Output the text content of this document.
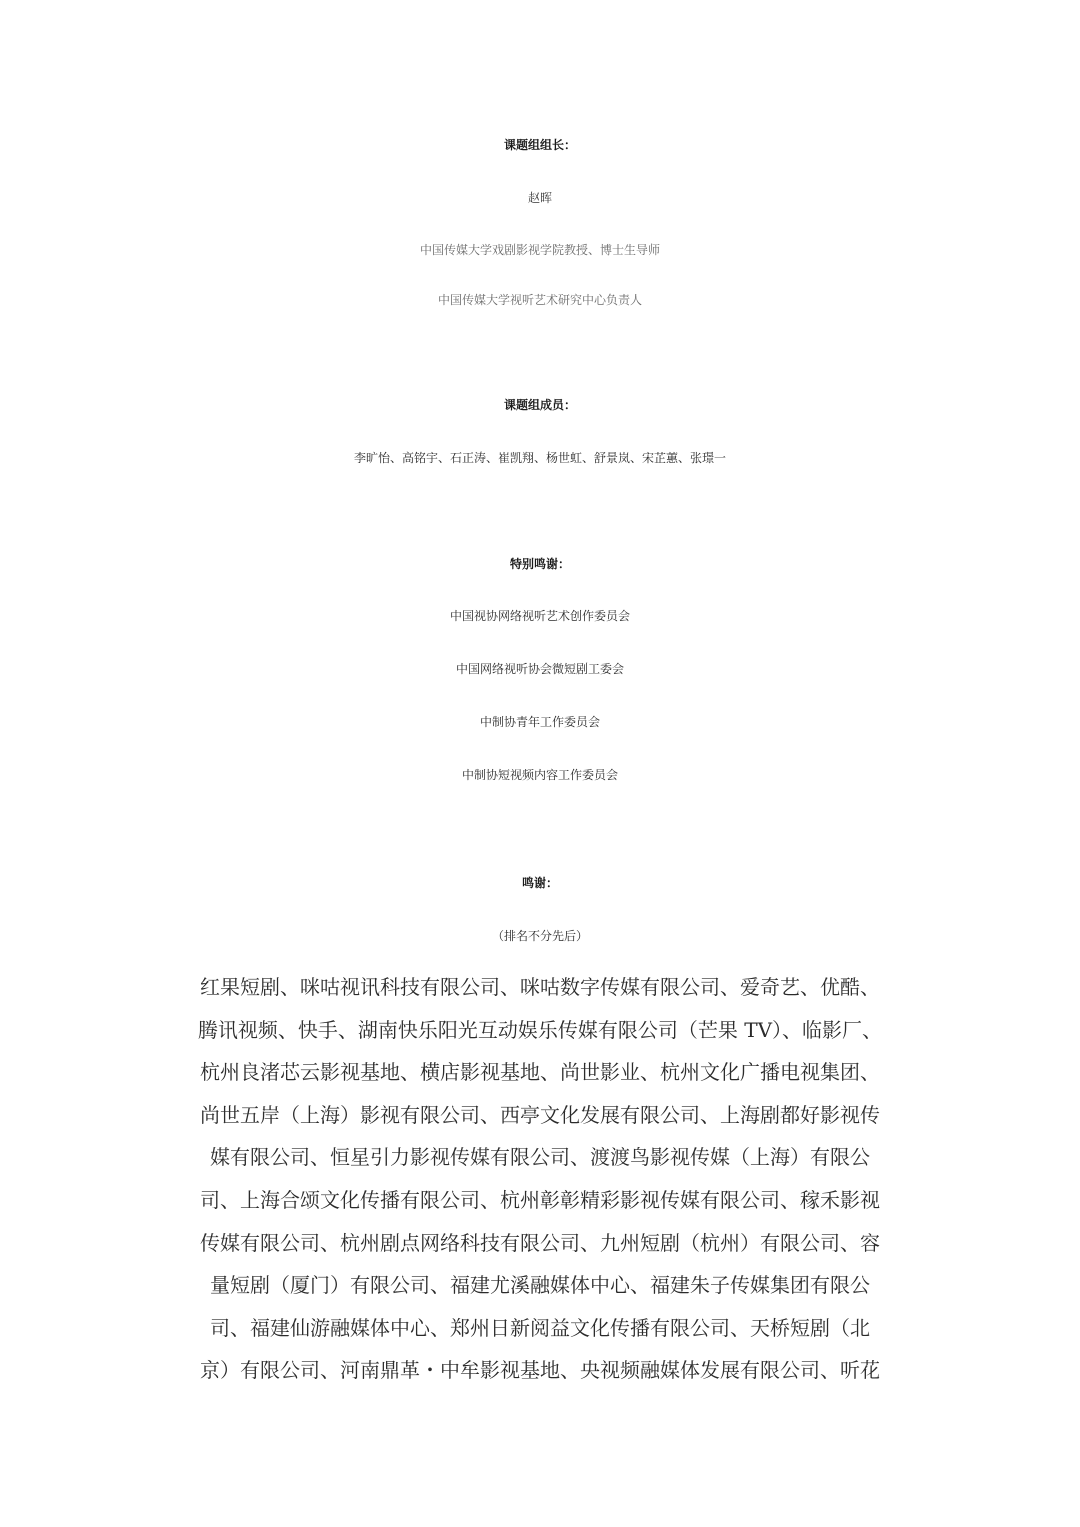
课题组组长：
赵晖
中国传媒大学戏剧影视学院教授、博士生导师
中国传媒大学视听艺术研究中心负责人
课题组成员：
李旷怡、高铭宇、石正涛、崔凯翔、杨世虹、舒景岚、宋芷蕙、张璟一
特别鸣谢：
中国视协网络视听艺术创作委员会
中国网络视听协会微短剧工委会
中制协青年工作委员会
中制协短视频内容工作委员会
鸣谢：
（排名不分先后）
红果短剧、咪咕视讯科技有限公司、咪咕数字传媒有限公司、爱奇艺、优酷、
腾讯视频、快手、湖南快乐阳光互动娱乐传媒有限公司（芒果 TV）、临影厂、
杭州良渚芯云影视基地、横店影视基地、尚世影业、杭州文化广播电视集团、
尚世五岸（上海）影视有限公司、西亭文化发展有限公司、上海剧都好影视传
媒有限公司、恒星引力影视传媒有限公司、渡渡鸟影视传媒（上海）有限公
司、上海合颂文化传播有限公司、杭州彰彰精彩影视传媒有限公司、稼禾影视
传媒有限公司、杭州剧点网络科技有限公司、九州短剧（杭州）有限公司、容
量短剧（厦门）有限公司、福建尤溪融媒体中心、福建朱子传媒集团有限公
司、福建仙游融媒体中心、郑州日新阅益文化传播有限公司、天桥短剧（北
京）有限公司、河南鼎革・中牟影视基地、央视频融媒体发展有限公司、听花
